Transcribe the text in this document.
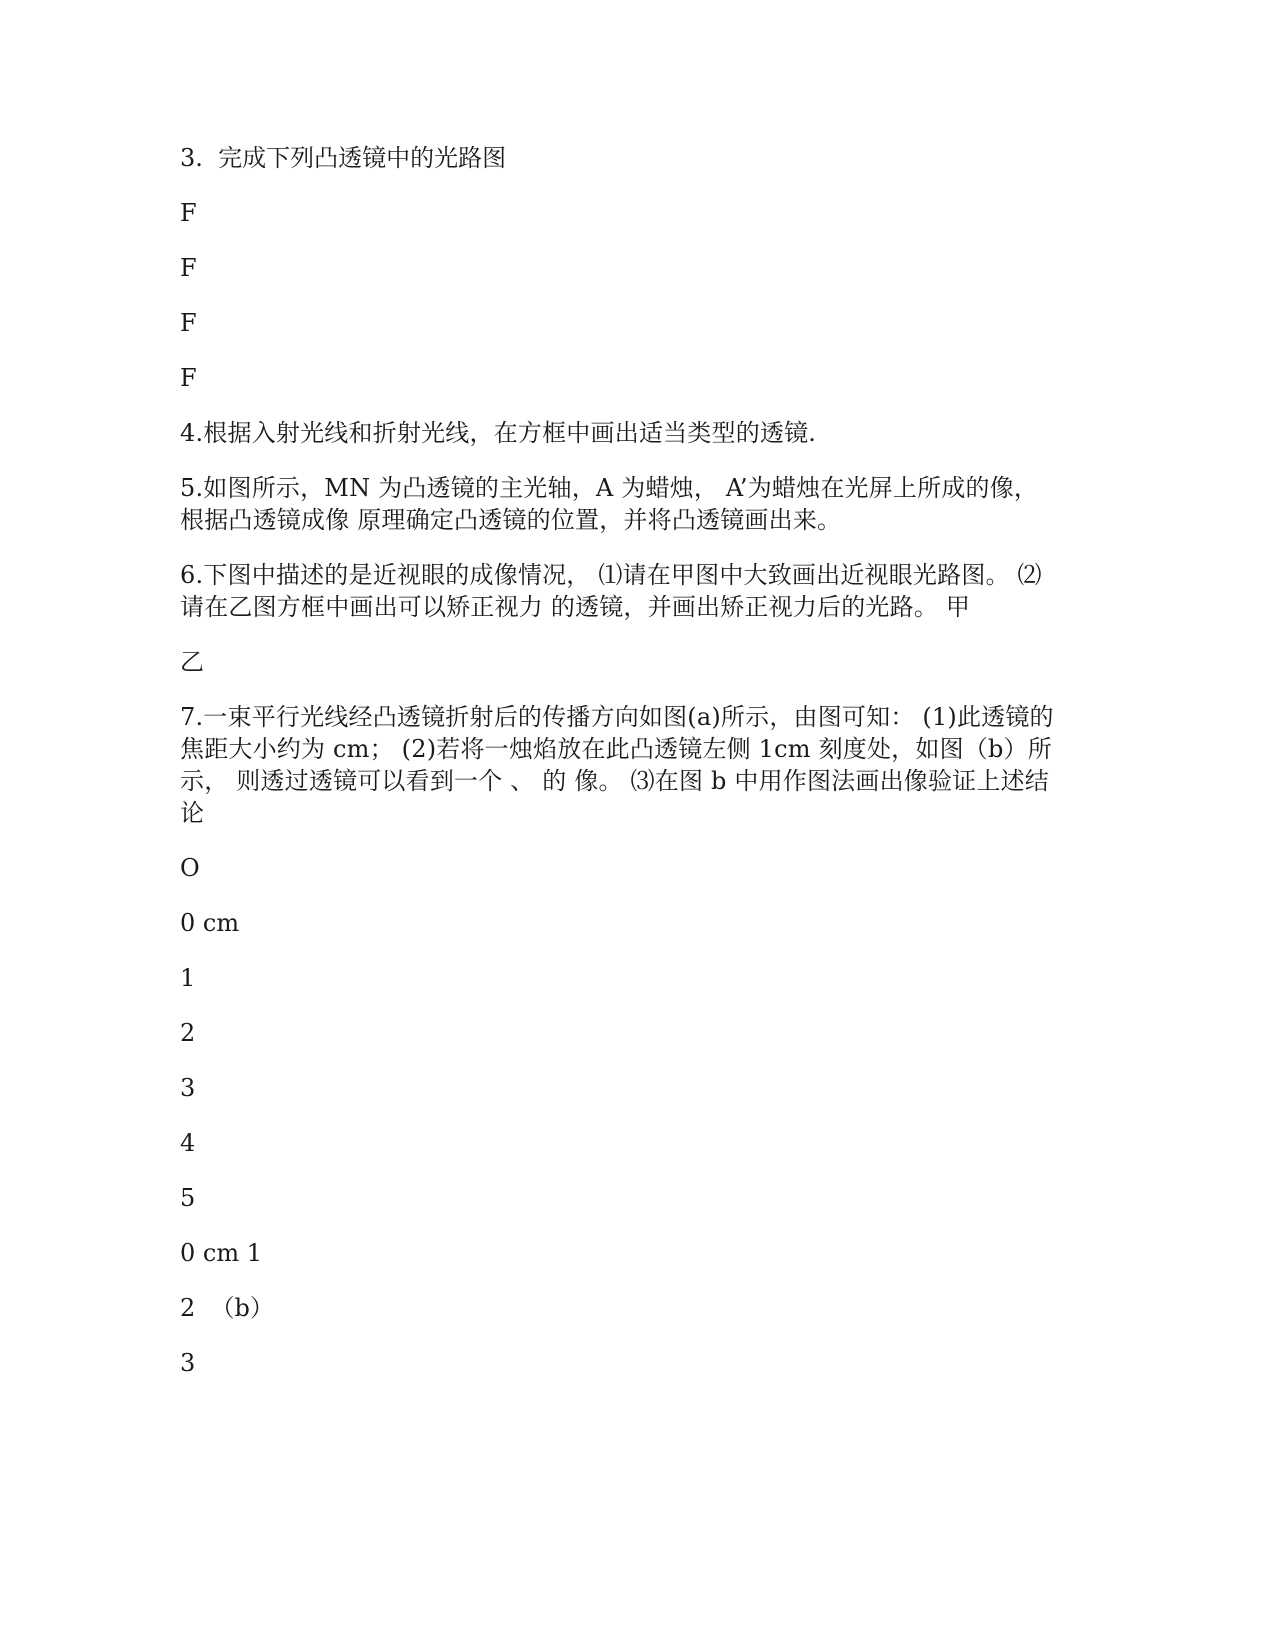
3.  完成下列凸透镜中的光路图
F
F
F
F
4.根据入射光线和折射光线，在方框中画出适当类型的透镜.
5.如图所示，MN 为凸透镜的主光轴，A 为蜡烛， A’为蜡烛在光屏上所成的像，根据凸透镜成像 原理确定凸透镜的位置，并将凸透镜画出来。
6.下图中描述的是近视眼的成像情况， ⑴请在甲图中大致画出近视眼光路图。 ⑵请在乙图方框中画出可以矫正视力 的透镜，并画出矫正视力后的光路。 甲
乙
7.一束平行光线经凸透镜折射后的传播方向如图(a)所示，由图可知： (1)此透镜的焦距大小约为 cm； (2)若将一烛焰放在此凸透镜左侧 1cm 刻度处，如图（b）所示， 则透过透镜可以看到一个 、 的 像。 ⑶在图 b 中用作图法画出像验证上述结论
O
0 cm
1
2
3
4
5
0 cm 1
2  （b）
3
